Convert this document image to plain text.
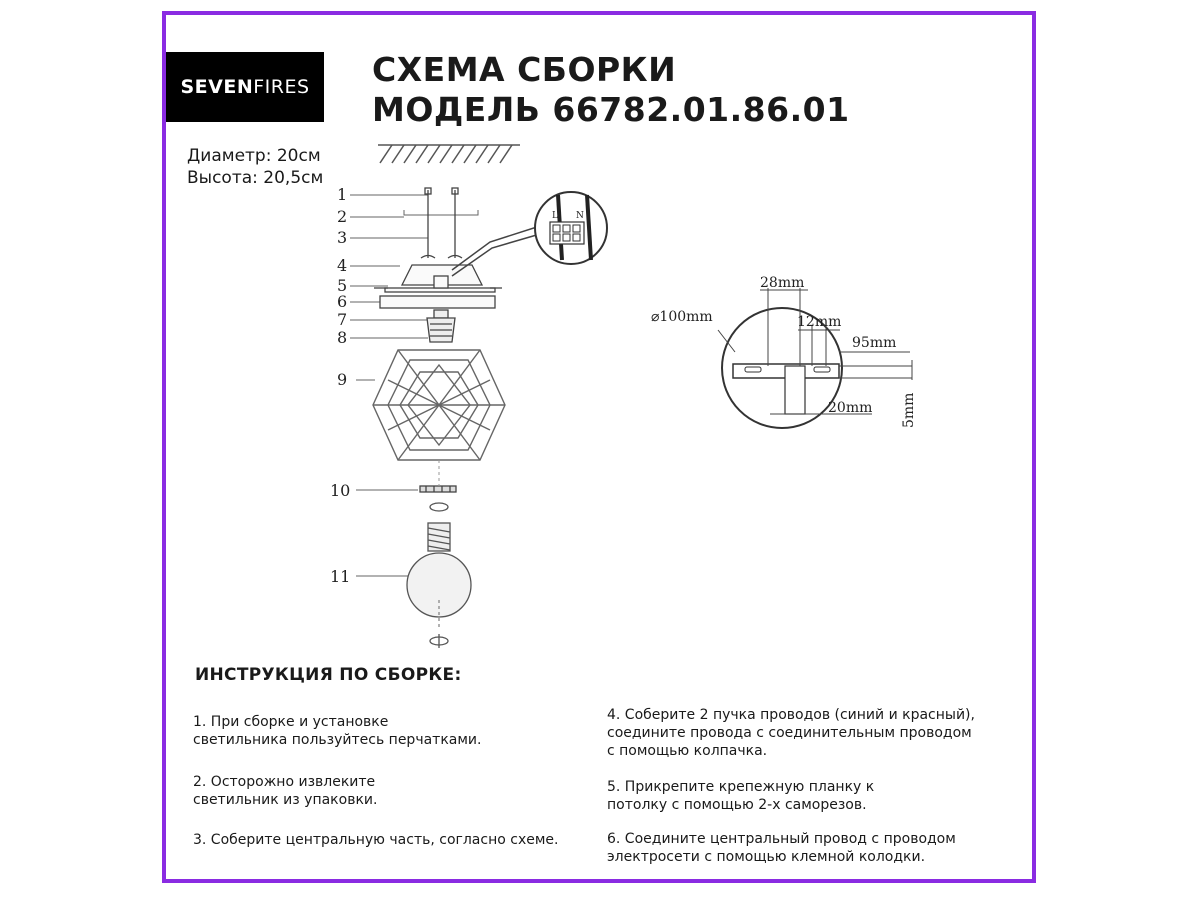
SEVEN FIRES СХЕМА СБОРКИ
МОДЕЛЬ 66782.01.86.01
Диаметр: 20см
Высота: 20,5см
1
2
3
4
5
6
7
8
9
10
11
L N
⌀100mm
28mm
12mm
95mm
20mm 5mm
ИНСТРУКЦИЯ ПО СБОРКЕ:
1. При сборке и установке
светильника пользуйтесь перчатками.
2. Осторожно извлеките
светильник из упаковки.
3. Соберите центральную часть, согласно схеме.
4. Соберите 2 пучка проводов (синий и красный),
соедините провода с соединительным проводом
с помощью колпачка.
5. Прикрепите крепежную планку к
потолку с помощью 2-х саморезов.
6. Соедините центральный провод с проводом
электросети с помощью клемной колодки.
